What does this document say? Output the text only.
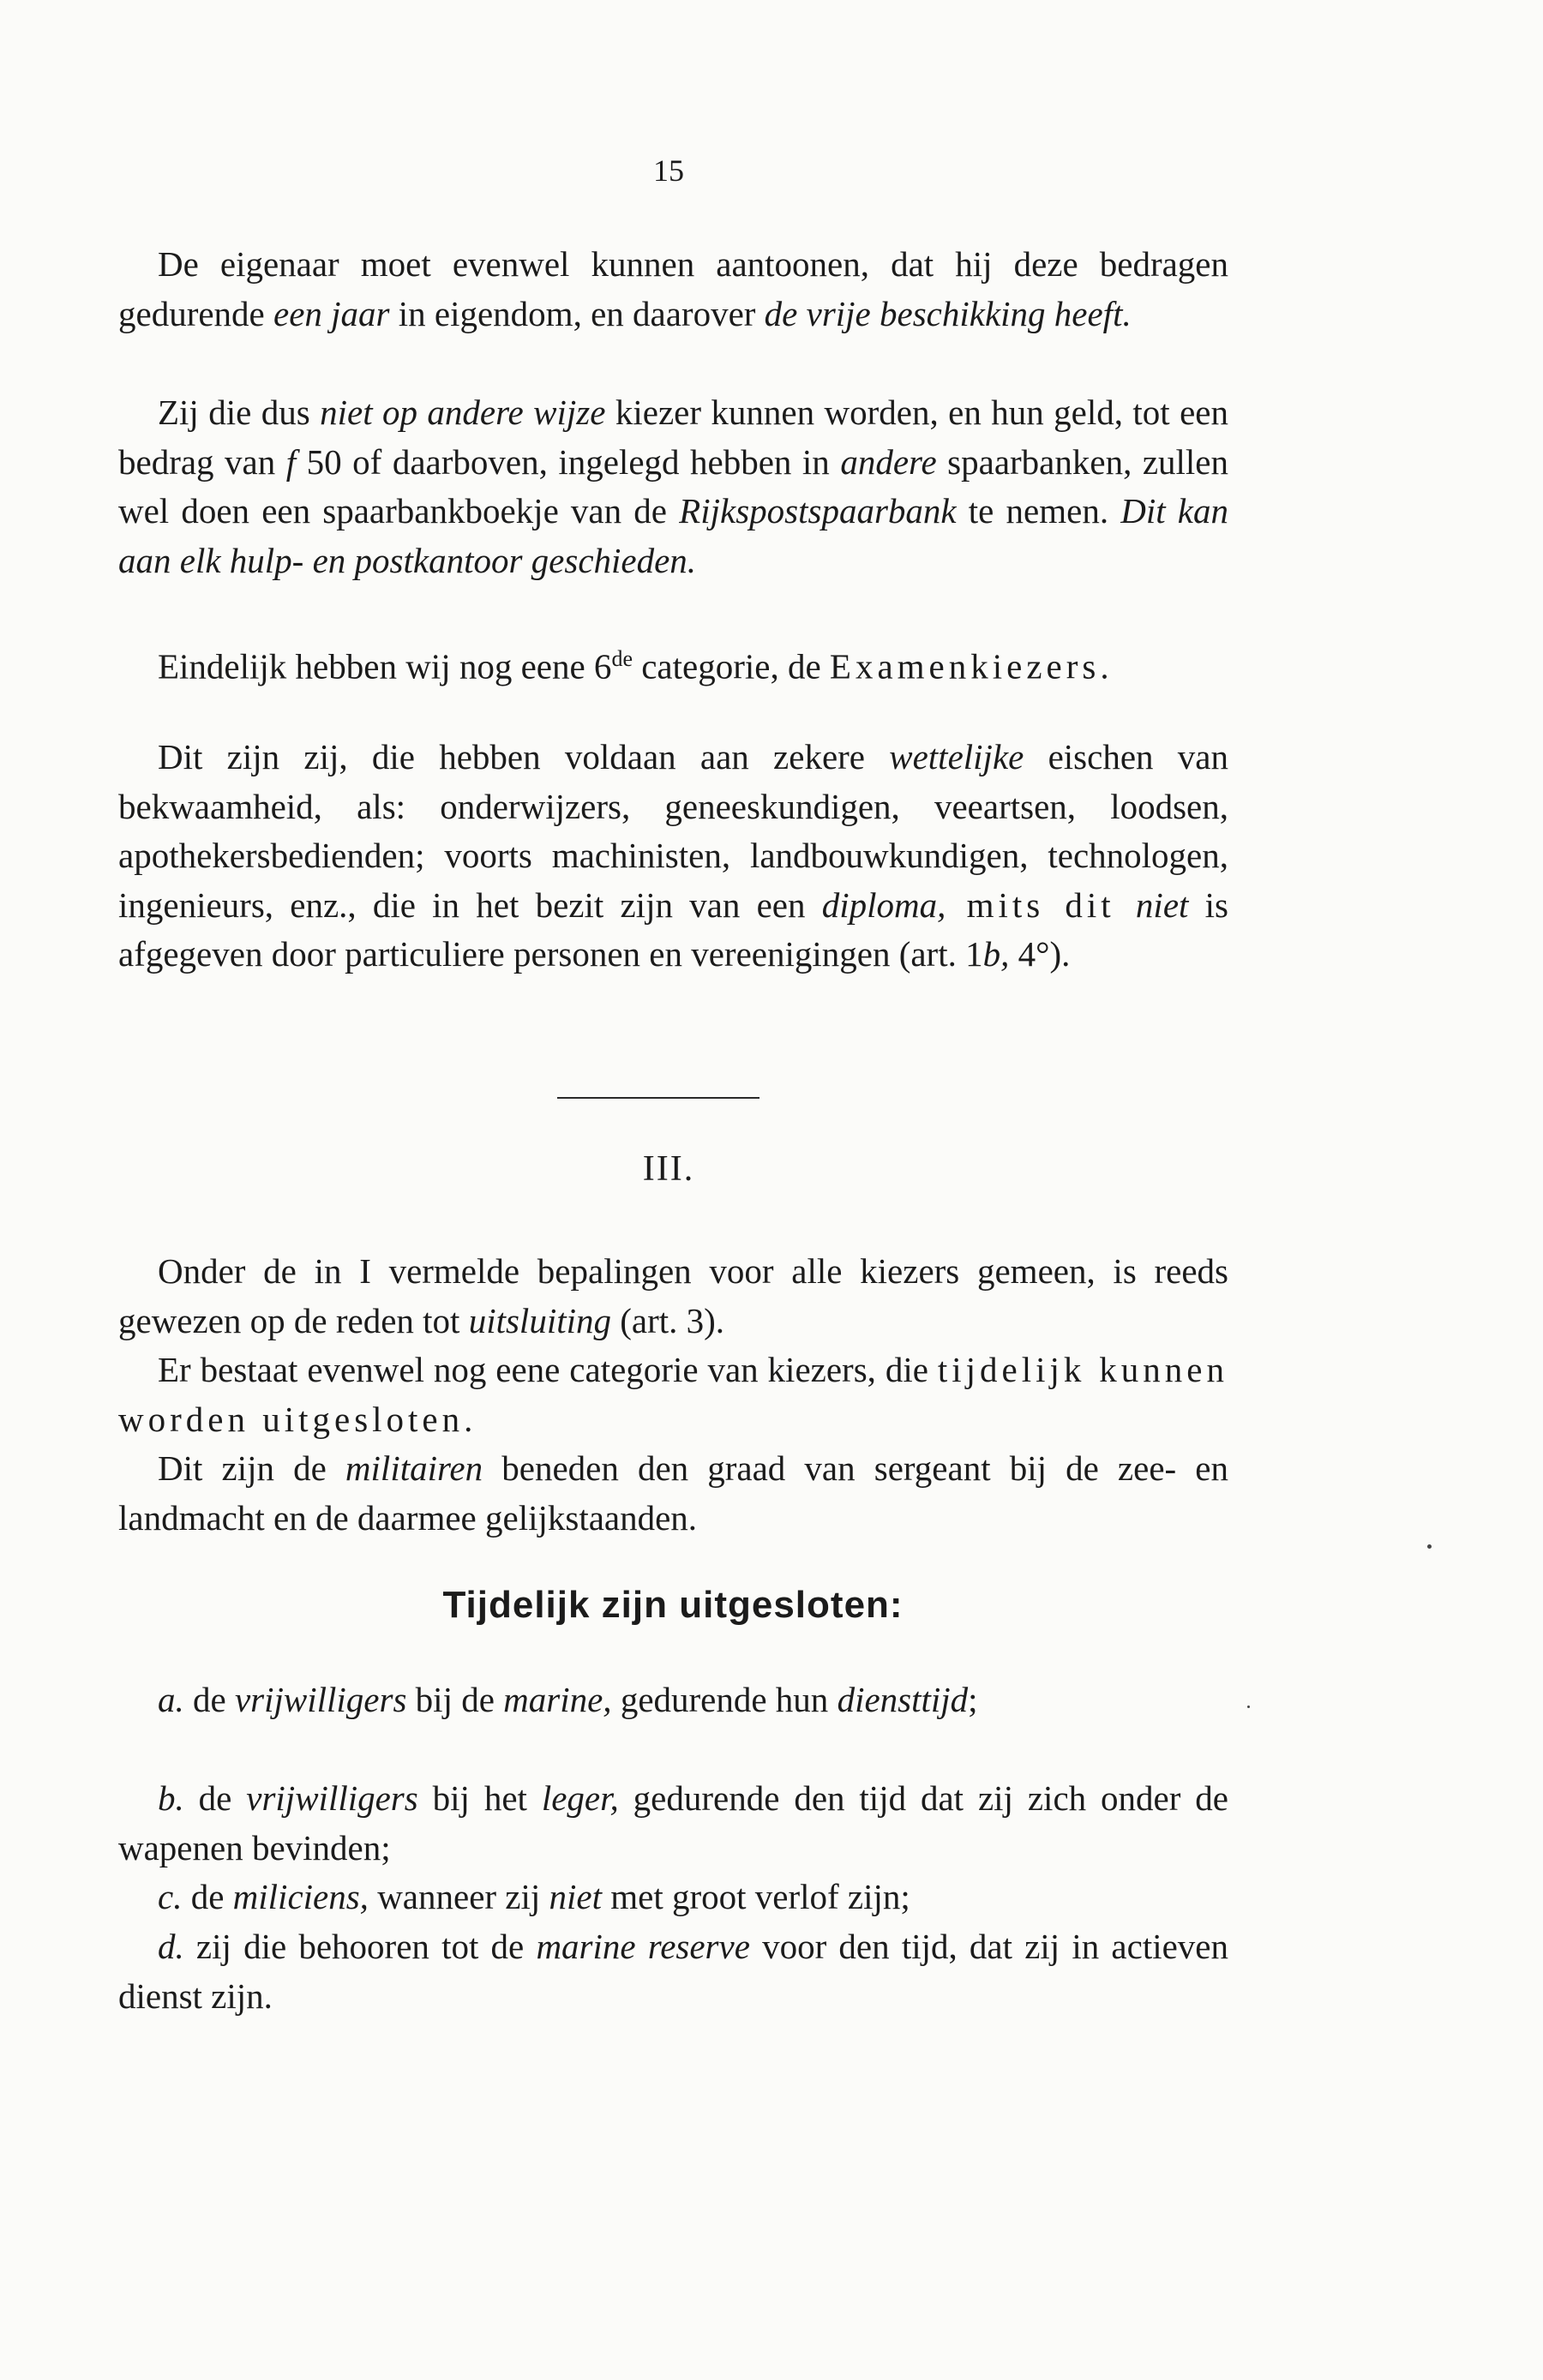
15

De eigenaar moet evenwel kunnen aantoonen, dat hij deze bedragen gedurende een jaar in eigendom, en daarover de vrije beschikking heeft.

Zij die dus niet op andere wijze kiezer kunnen worden, en hun geld, tot een bedrag van f 50 of daarboven, ingelegd hebben in andere spaarbanken, zullen wel doen een spaarbankboekje van de Rijkspostspaarbank te nemen. Dit kan aan elk hulp- en postkantoor geschieden.

Eindelijk hebben wij nog eene 6de categorie, de Examenkiezers.

Dit zijn zij, die hebben voldaan aan zekere wettelijke eischen van bekwaamheid, als: onderwijzers, geneeskundigen, veeartsen, loodsen, apothekersbedienden; voorts machinisten, landbouwkundigen, technologen, ingenieurs, enz., die in het bezit zijn van een diploma, mits dit niet is afgegeven door particuliere personen en vereenigingen (art. 1b, 4°).

III.

Onder de in I vermelde bepalingen voor alle kiezers gemeen, is reeds gewezen op de reden tot uitsluiting (art. 3).

Er bestaat evenwel nog eene categorie van kiezers, die tijdelijk kunnen worden uitgesloten.

Dit zijn de militairen beneden den graad van sergeant bij de zee- en landmacht en de daarmee gelijkstaanden.

Tijdelijk zijn uitgesloten:

a. de vrijwilligers bij de marine, gedurende hun diensttijd;

b. de vrijwilligers bij het leger, gedurende den tijd dat zij zich onder de wapenen bevinden;

c. de miliciens, wanneer zij niet met groot verlof zijn;

d. zij die behooren tot de marine reserve voor den tijd, dat zij in actieven dienst zijn.
